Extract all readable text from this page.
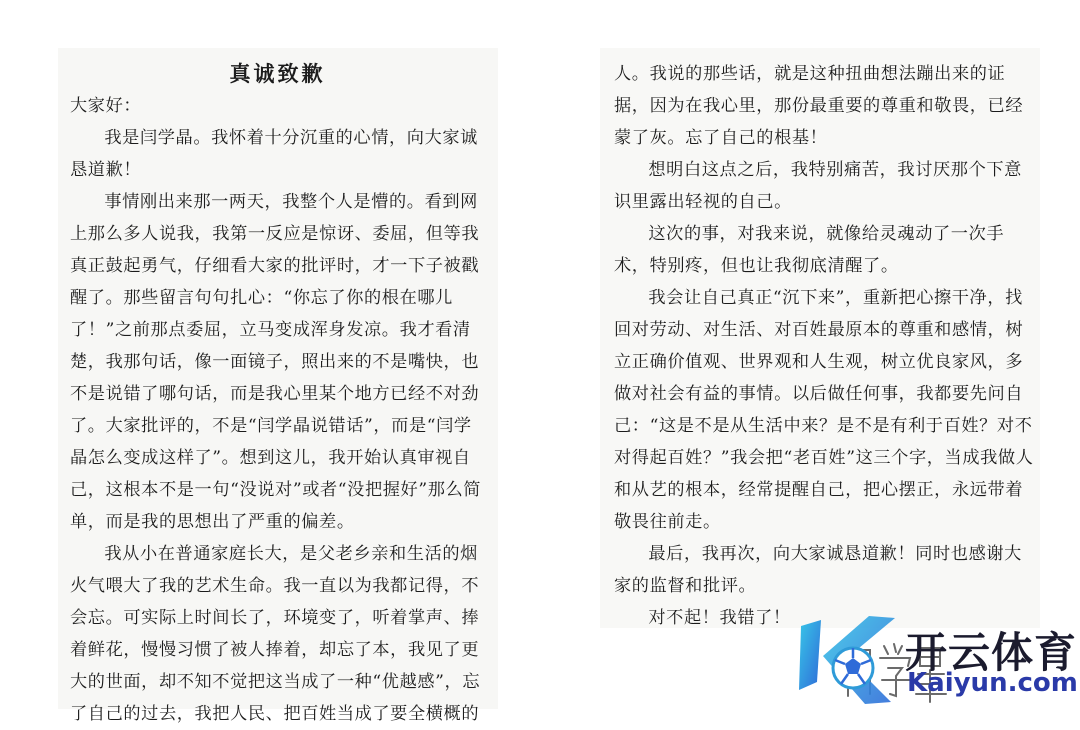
真诚致歉

大家好：

我是闫学晶。我怀着十分沉重的心情，向大家诚恳道歉！

事情刚出来那一两天，我整个人是懵的。看到网上那么多人说我，我第一反应是惊讶、委屈，但等我真正鼓起勇气，仔细看大家的批评时，才一下子被戳醒了。那些留言句句扎心：“你忘了你的根在哪儿了！”之前那点委屈，立马变成浑身发凉。我才看清楚，我那句话，像一面镜子，照出来的不是嘴快，也不是说错了哪句话，而是我心里某个地方已经不对劲了。大家批评的，不是“闫学晶说错话”，而是“闫学晶怎么变成这样了”。想到这儿，我开始认真审视自己，这根本不是一句“没说对”或者“没把握好”那么简单，而是我的思想出了严重的偏差。

我从小在普通家庭长大，是父老乡亲和生活的烟火气喂大了我的艺术生命。我一直以为我都记得，不会忘。可实际上时间长了，环境变了，听着掌声、捧着鲜花，慢慢习惯了被人捧着，却忘了本，我见了更大的世面，却不知不觉把这当成了一种“优越感”，忘了自己的过去，我把人民、把百姓当成了要全横概的

人。我说的那些话，就是这种扭曲想法蹦出来的证据，因为在我心里，那份最重要的尊重和敬畏，已经蒙了灰。忘了自己的根基！

想明白这点之后，我特别痛苦，我讨厌那个下意识里露出轻视的自己。

这次的事，对我来说，就像给灵魂动了一次手术，特别疼，但也让我彻底清醒了。

我会让自己真正“沉下来”，重新把心擦干净，找回对劳动、对生活、对百姓最原本的尊重和感情，树立正确价值观、世界观和人生观，树立优良家风，多做对社会有益的事情。以后做任何事，我都要先问自己：“这是不是从生活中来？是不是有利于百姓？对不对得起百姓？”我会把“老百姓”这三个字，当成我做人和从艺的根本，经常提醒自己，把心摆正，永远带着敬畏往前走。

最后，我再次，向大家诚恳道歉！同时也感谢大家的监督和批评。

对不起！我错了！

开云体育
Kaiyun.com
